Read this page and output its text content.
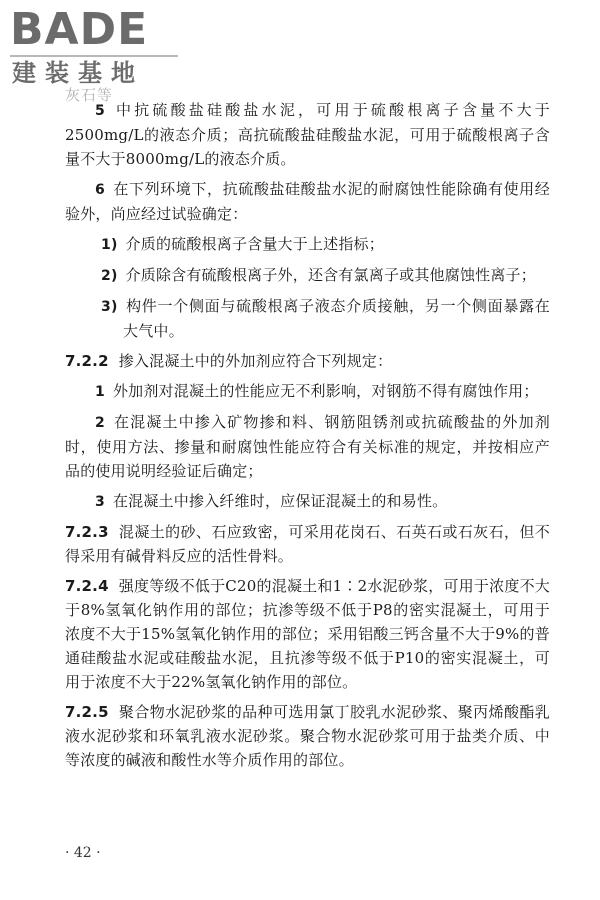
BADE
建装基地
灰石等

5 中抗硫酸盐硅酸盐水泥，可用于硫酸根离子含量不大于2500mg/L的液态介质；高抗硫酸盐硅酸盐水泥，可用于硫酸根离子含量不大于8000mg/L的液态介质。

6 在下列环境下，抗硫酸盐硅酸盐水泥的耐腐蚀性能除确有使用经验外，尚应经过试验确定：

1) 介质的硫酸根离子含量大于上述指标；

2) 介质除含有硫酸根离子外，还含有氯离子或其他腐蚀性离子；

3) 构件一个侧面与硫酸根离子液态介质接触，另一个侧面暴露在大气中。

7.2.2 掺入混凝土中的外加剂应符合下列规定：

1 外加剂对混凝土的性能应无不利影响，对钢筋不得有腐蚀作用；

2 在混凝土中掺入矿物掺和料、钢筋阻锈剂或抗硫酸盐的外加剂时，使用方法、掺量和耐腐蚀性能应符合有关标准的规定，并按相应产品的使用说明经验证后确定；

3 在混凝土中掺入纤维时，应保证混凝土的和易性。

7.2.3 混凝土的砂、石应致密，可采用花岗石、石英石或石灰石，但不得采用有碱骨料反应的活性骨料。

7.2.4 强度等级不低于C20的混凝土和1∶2水泥砂浆，可用于浓度不大于8%氢氧化钠作用的部位；抗渗等级不低于P8的密实混凝土，可用于浓度不大于15%氢氧化钠作用的部位；采用铝酸三钙含量不大于9%的普通硅酸盐水泥或硅酸盐水泥，且抗渗等级不低于P10的密实混凝土，可用于浓度不大于22%氢氧化钠作用的部位。

7.2.5 聚合物水泥砂浆的品种可选用氯丁胶乳水泥砂浆、聚丙烯酸酯乳液水泥砂浆和环氧乳液水泥砂浆。聚合物水泥砂浆可用于盐类介质、中等浓度的碱液和酸性水等介质作用的部位。

· 42 ·
